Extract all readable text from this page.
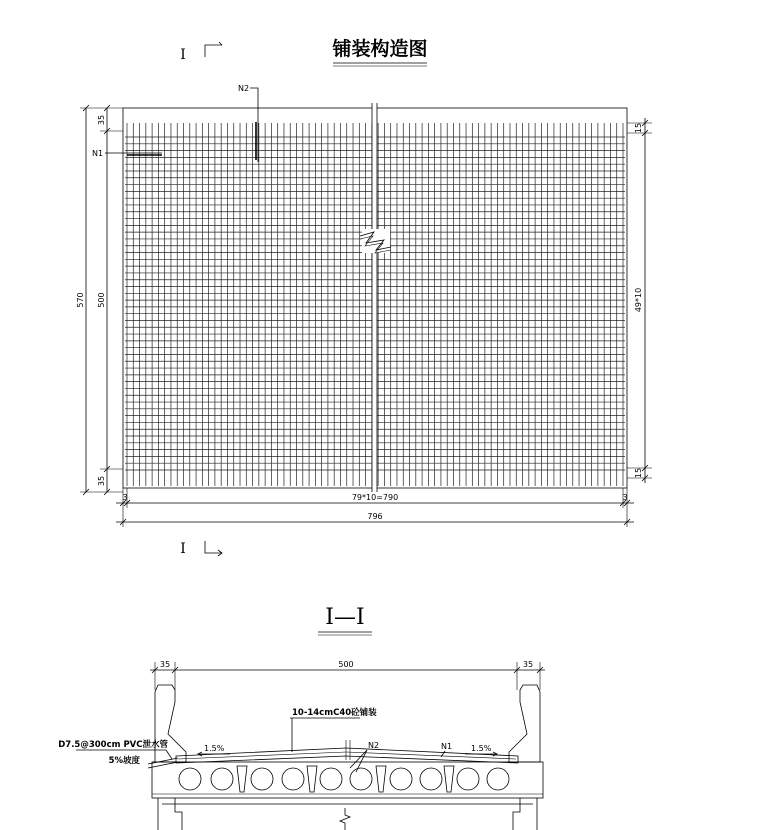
铺装构造图
I
I
N2
N1
570
35
500
35
15
49*10
15
3	79*10=790	3
796
I—I
35	500	35
10-14cmC40砼铺装
D7.5@300cm PVC泄水管
5%坡度
1.5%	1.5%
N2	N1
